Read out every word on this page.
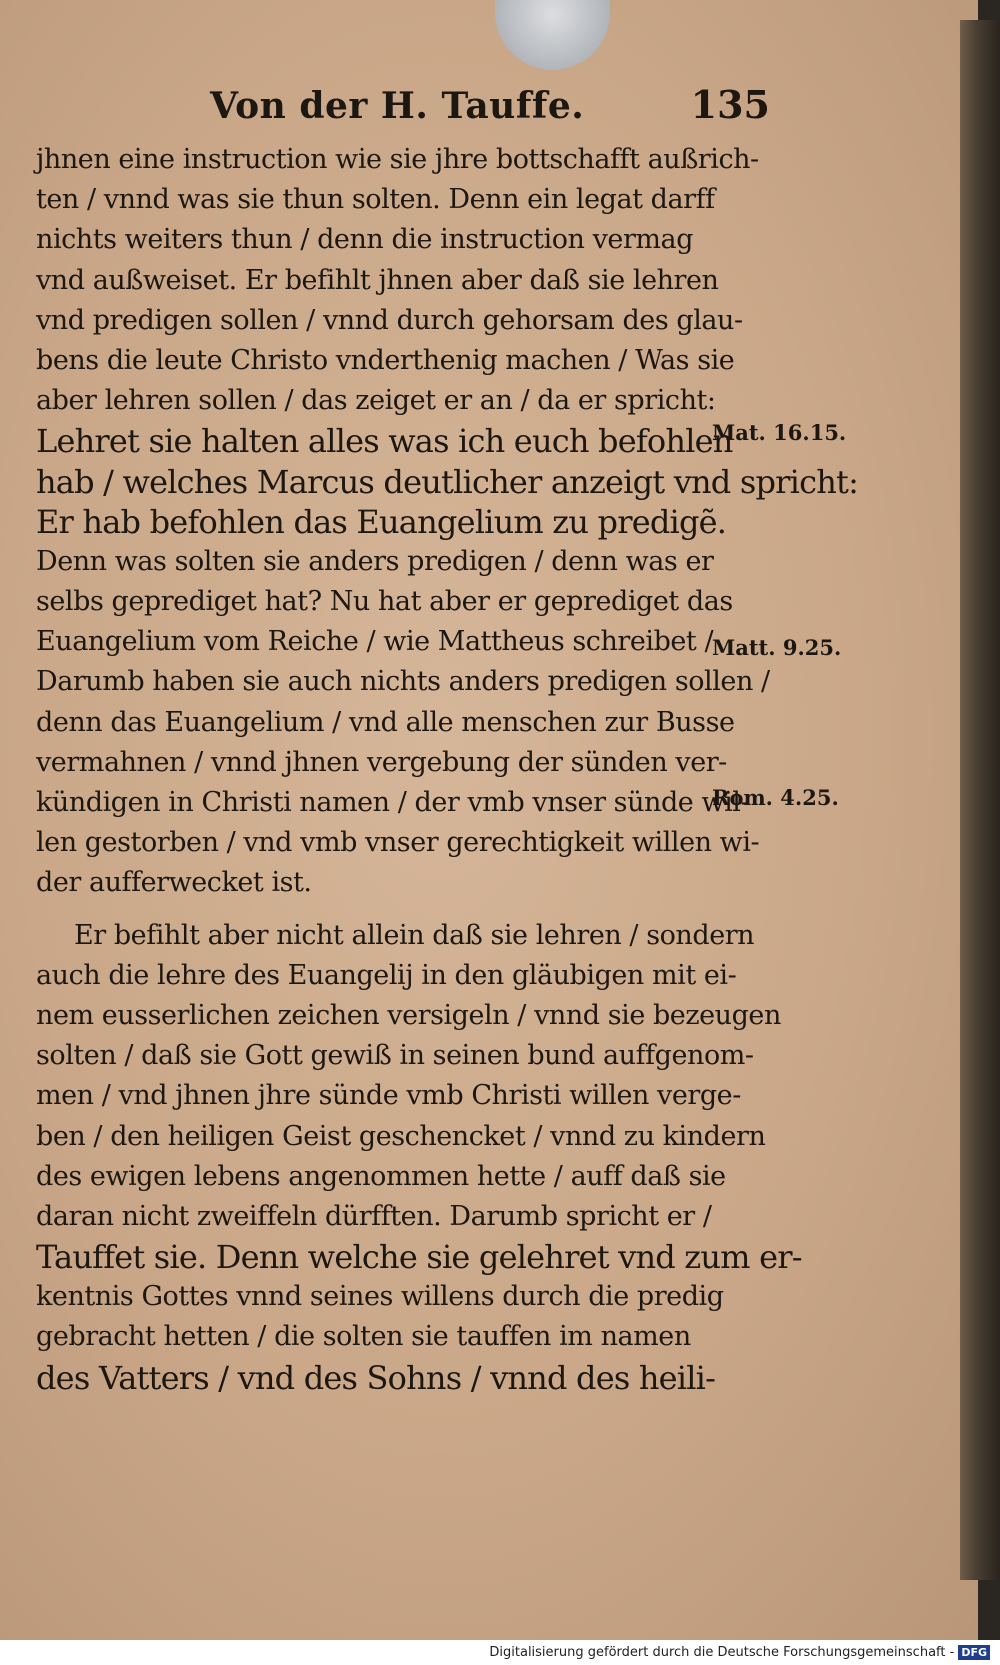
Von der H. Tauffe.	135
jhnen eine instruction wie sie jhre bottschafft außrich-
ten / vnnd was sie thun solten. Denn ein legat darff
nichts weiters thun / denn die instruction vermag
vnd außweiset. Er befihlt jhnen aber daß sie lehren
vnd predigen sollen / vnnd durch gehorsam des glau-
bens die leute Christo vnderthenig machen / Was sie
aber lehren sollen / das zeiget er an / da er spricht:
Lehret sie halten alles was ich euch befohlen
hab / welches Marcus deutlicher anzeigt vnd spricht:
Er hab befohlen das Euangelium zu predigẽ.
Denn was solten sie anders predigen / denn was er
selbs geprediget hat? Nu hat aber er geprediget das
Euangelium vom Reiche / wie Mattheus schreibet /
Darumb haben sie auch nichts anders predigen sollen /
denn das Euangelium / vnd alle menschen zur Busse
vermahnen / vnnd jhnen vergebung der sünden ver-
kündigen in Christi namen / der vmb vnser sünde wil-
len gestorben / vnd vmb vnser gerechtigkeit willen wi-
der aufferwecket ist.
Er befihlt aber nicht allein daß sie lehren / sondern
auch die lehre des Euangelij in den gläubigen mit ei-
nem eusserlichen zeichen versigeln / vnnd sie bezeugen
solten / daß sie Gott gewiß in seinen bund auffgenom-
men / vnd jhnen jhre sünde vmb Christi willen verge-
ben / den heiligen Geist geschencket / vnnd zu kindern
des ewigen lebens angenommen hette / auff daß sie
daran nicht zweiffeln dürfften. Darumb spricht er /
Tauffet sie. Denn welche sie gelehret vnd zum er-
kentnis Gottes vnnd seines willens durch die predig
gebracht hetten / die solten sie tauffen im namen
des Vatters / vnd des Sohns / vnnd des heili-
Mat. 16.15.
Matt. 9.25.
Rom. 4.25.
Digitalisierung gefördert durch die Deutsche Forschungsgemeinschaft - DFG
